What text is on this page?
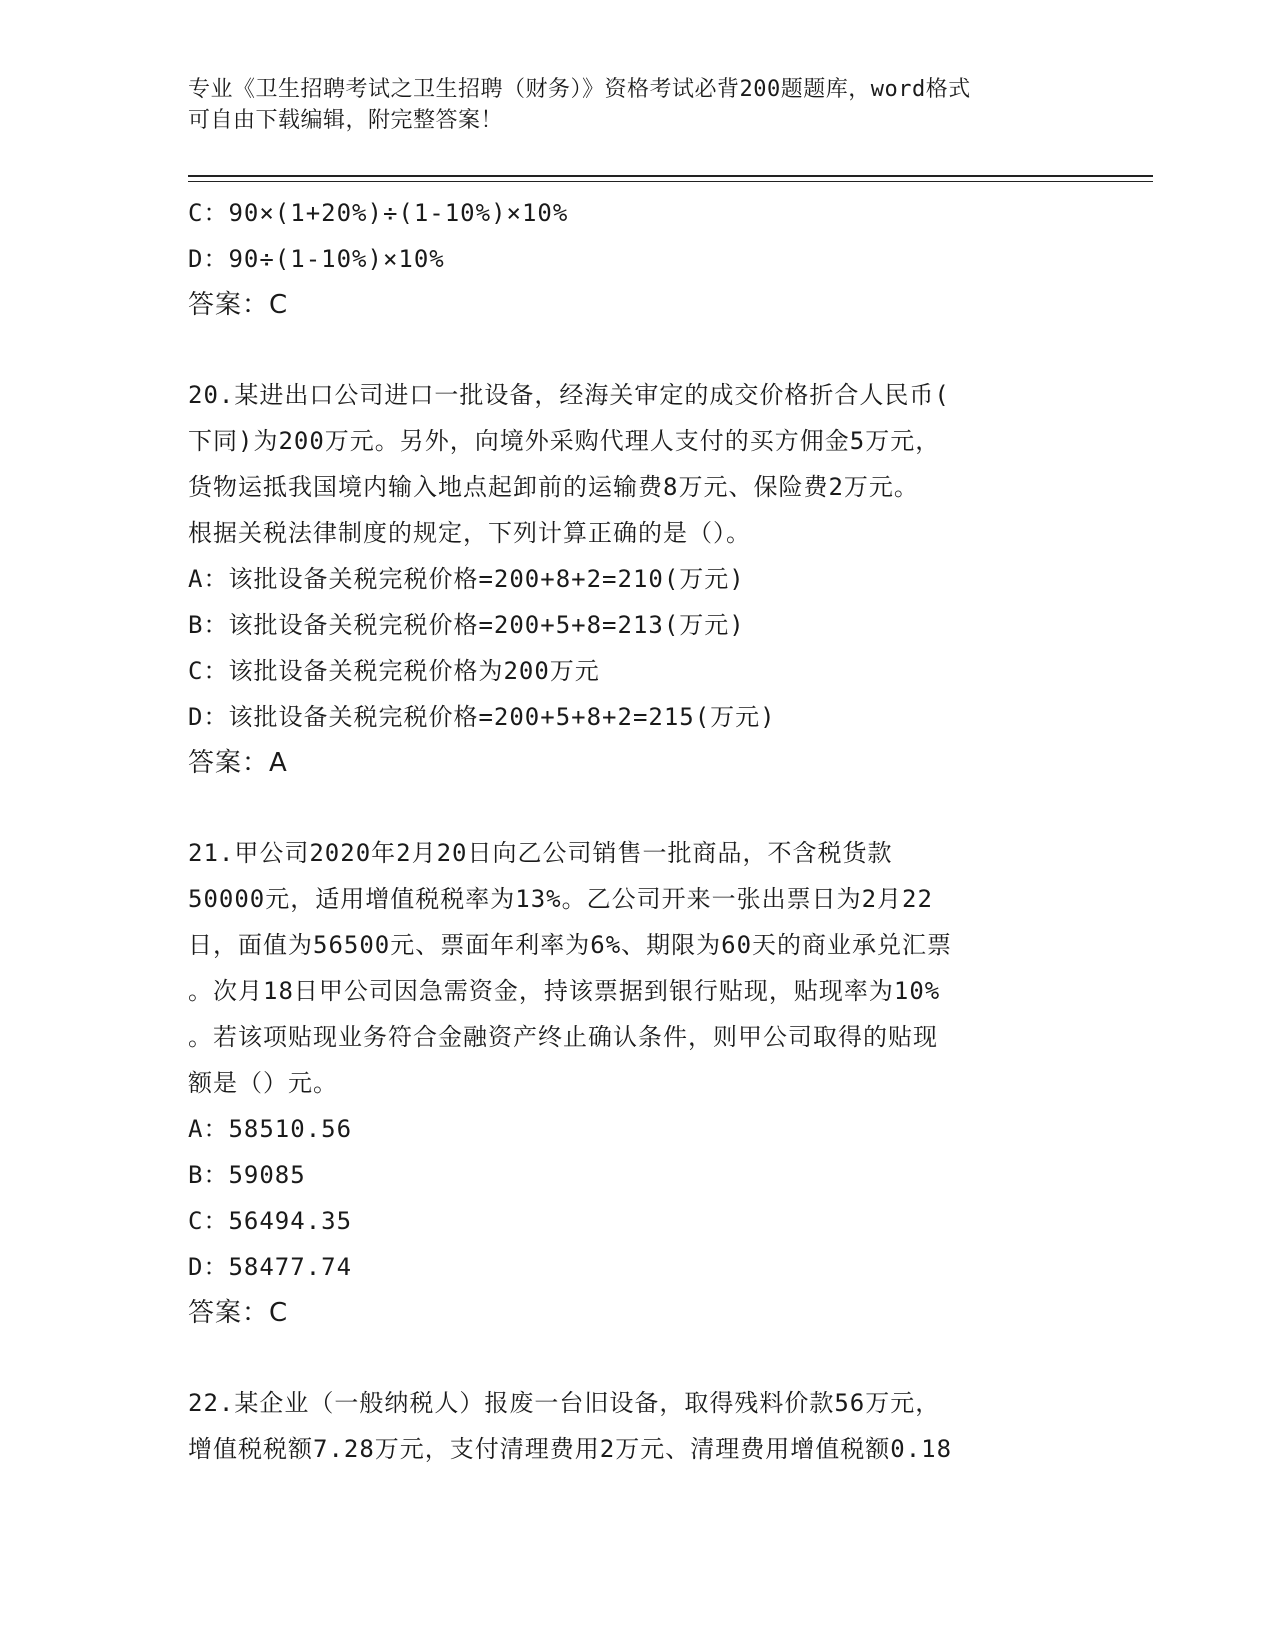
专业《卫生招聘考试之卫生招聘（财务）》资格考试必背200题题库，word格式
可自由下载编辑，附完整答案！
C：90×(1+20%)÷(1-10%)×10%
D：90÷(1-10%)×10%
答案：C
20.某进出口公司进口一批设备，经海关审定的成交价格折合人民币(
下同)为200万元。另外，向境外采购代理人支付的买方佣金5万元，
货物运抵我国境内输入地点起卸前的运输费8万元、保险费2万元。
根据关税法律制度的规定，下列计算正确的是（）。
A：该批设备关税完税价格=200+8+2=210(万元)
B：该批设备关税完税价格=200+5+8=213(万元)
C：该批设备关税完税价格为200万元
D：该批设备关税完税价格=200+5+8+2=215(万元)
答案：A
21.甲公司2020年2月20日向乙公司销售一批商品，不含税货款
50000元，适用增值税税率为13%。乙公司开来一张出票日为2月22
日，面值为56500元、票面年利率为6%、期限为60天的商业承兑汇票
。次月18日甲公司因急需资金，持该票据到银行贴现，贴现率为10%
。若该项贴现业务符合金融资产终止确认条件，则甲公司取得的贴现
额是（）元。
A：58510.56
B：59085
C：56494.35
D：58477.74
答案：C
22.某企业（一般纳税人）报废一台旧设备，取得残料价款56万元，
增值税税额7.28万元，支付清理费用2万元、清理费用增值税额0.18
